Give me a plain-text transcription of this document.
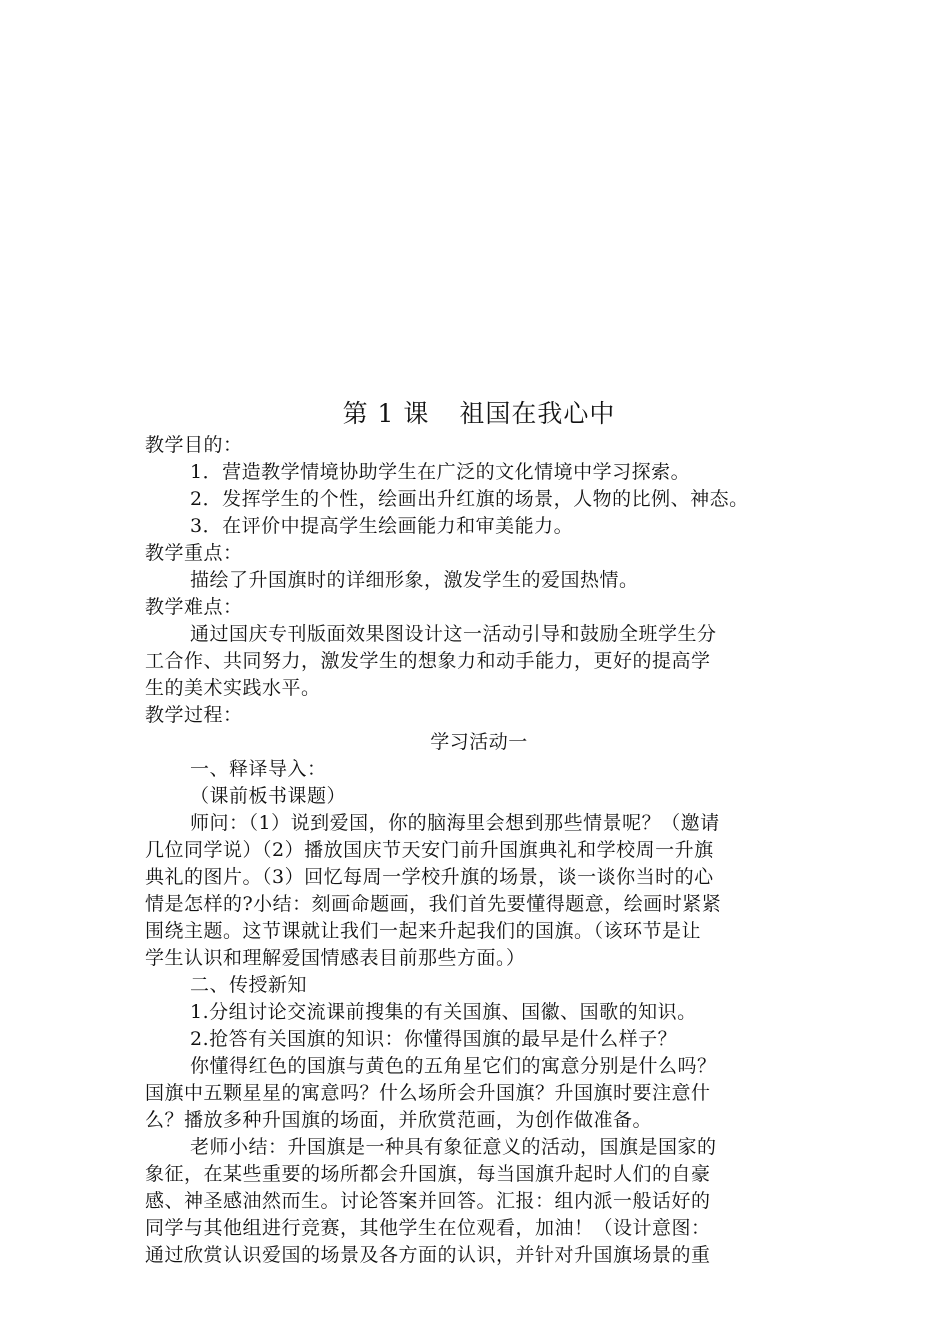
第 1 课 祖国在我心中
教学目的：
1．营造教学情境协助学生在广泛的文化情境中学习探索。
2．发挥学生的个性，绘画出升红旗的场景，人物的比例、神态。
3．在评价中提高学生绘画能力和审美能力。
教学重点：
描绘了升国旗时的详细形象，激发学生的爱国热情。
教学难点：
通过国庆专刊版面效果图设计这一活动引导和鼓励全班学生分
工合作、共同努力，激发学生的想象力和动手能力，更好的提高学
生的美术实践水平。
教学过程：
学习活动一
一、释译导入：
（课前板书课题）
师问：（1）说到爱国，你的脑海里会想到那些情景呢？（邀请
几位同学说）（2）播放国庆节天安门前升国旗典礼和学校周一升旗
典礼的图片。（3）回忆每周一学校升旗的场景，谈一谈你当时的心
情是怎样的?小结：刻画命题画，我们首先要懂得题意，绘画时紧紧
围绕主题。这节课就让我们一起来升起我们的国旗。（该环节是让
学生认识和理解爱国情感表目前那些方面。）
二、传授新知
1.分组讨论交流课前搜集的有关国旗、国徽、国歌的知识。
2.抢答有关国旗的知识：你懂得国旗的最早是什么样子？
你懂得红色的国旗与黄色的五角星它们的寓意分别是什么吗？
国旗中五颗星星的寓意吗？什么场所会升国旗？升国旗时要注意什
么？播放多种升国旗的场面，并欣赏范画，为创作做准备。
老师小结：升国旗是一种具有象征意义的活动，国旗是国家的
象征，在某些重要的场所都会升国旗，每当国旗升起时人们的自豪
感、神圣感油然而生。讨论答案并回答。汇报：组内派一般话好的
同学与其他组进行竞赛，其他学生在位观看，加油！（设计意图：
通过欣赏认识爱国的场景及各方面的认识，并针对升国旗场景的重
